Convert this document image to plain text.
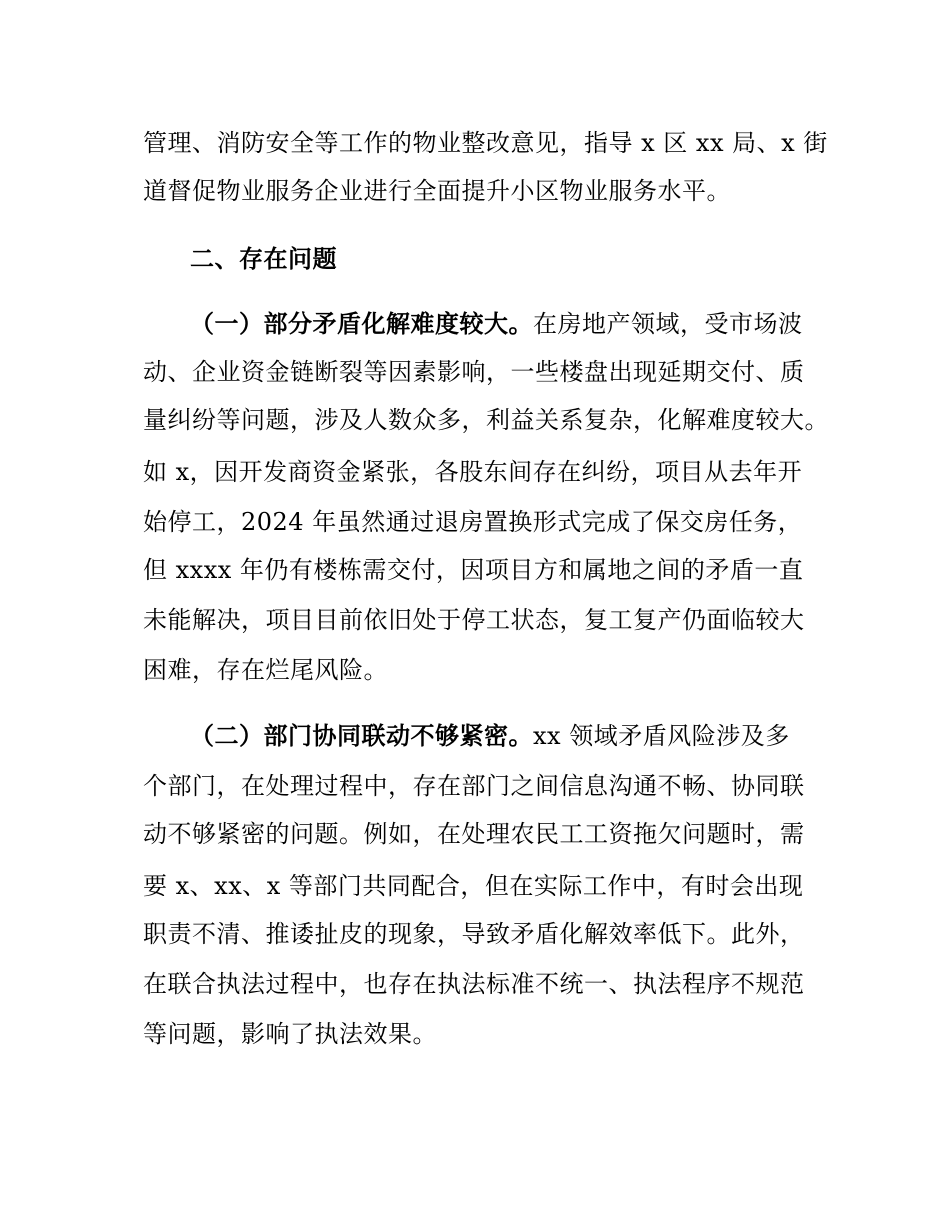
管理、消防安全等工作的物业整改意见，指导 x 区 xx 局、x 街
道督促物业服务企业进行全面提升小区物业服务水平。
二、存在问题
（一）部分矛盾化解难度较大。在房地产领域，受市场波
动、企业资金链断裂等因素影响，一些楼盘出现延期交付、质
量纠纷等问题，涉及人数众多，利益关系复杂，化解难度较大。
如 x，因开发商资金紧张，各股东间存在纠纷，项目从去年开
始停工，2024 年虽然通过退房置换形式完成了保交房任务，
但 xxxx 年仍有楼栋需交付，因项目方和属地之间的矛盾一直
未能解决，项目目前依旧处于停工状态，复工复产仍面临较大
困难，存在烂尾风险。
（二）部门协同联动不够紧密。xx 领域矛盾风险涉及多
个部门，在处理过程中，存在部门之间信息沟通不畅、协同联
动不够紧密的问题。例如，在处理农民工工资拖欠问题时，需
要 x、xx、x 等部门共同配合，但在实际工作中，有时会出现
职责不清、推诿扯皮的现象，导致矛盾化解效率低下。此外，
在联合执法过程中，也存在执法标准不统一、执法程序不规范
等问题，影响了执法效果。
